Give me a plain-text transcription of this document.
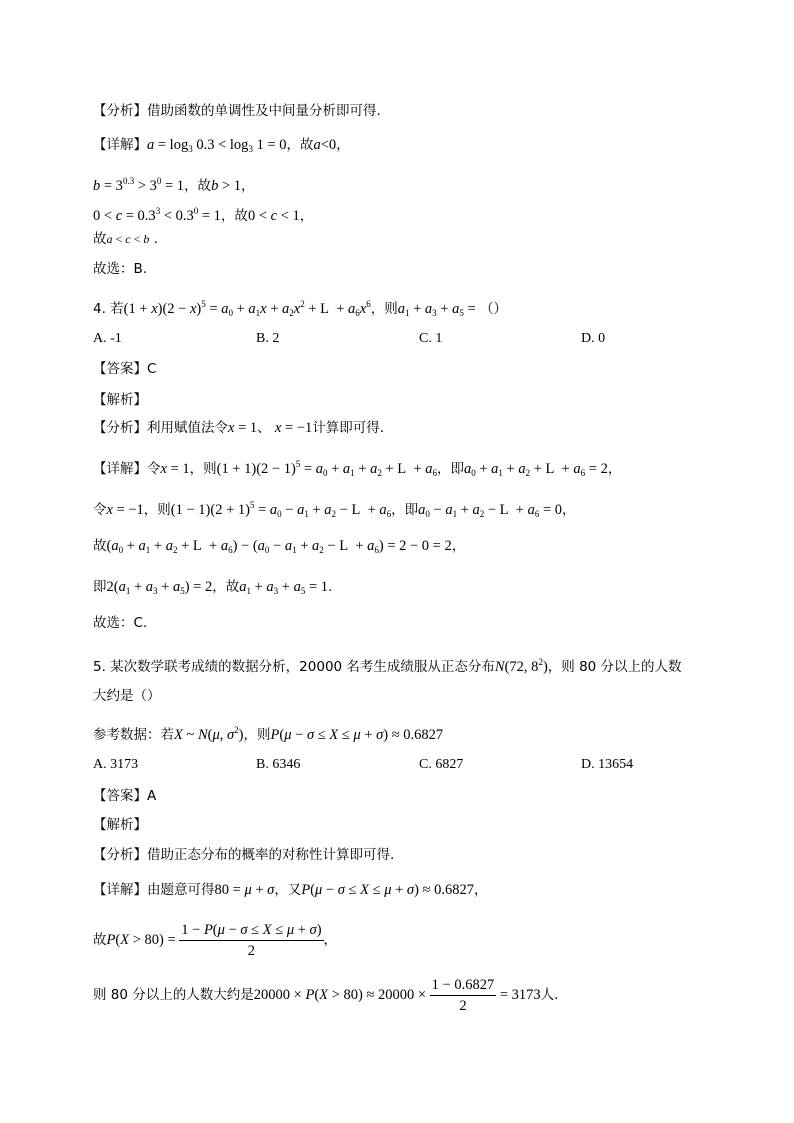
【分析】借助函数的单调性及中间量分析即可得.
【详解】$a = \log_3 0.3 < \log_3 1 = 0$，故a<0，
$b = 3^{0.3} > 3^0 = 1$，故b > 1，
$0 < c = 0.3^3 < 0.3^0 = 1$，故0 < c < 1，
故a < c < b .
故选：B.
4. 若$(1 + x)(2 - x)^5 = a_0 + a_1x + a_2x^2 + L + a_6x^6$，则$a_1 + a_3 + a_5$ = （）
A. -1	B. 2	C. 1	D. 0
【答案】C
【解析】
【分析】利用赋值法令x = 1、 x = −1计算即可得.
【详解】令x = 1，则$(1 + 1)(2 - 1)^5 = a_0 + a_1 + a_2 + L + a_6$，即$a_0 + a_1 + a_2 + L + a_6 = 2$，
令x = −1，则$(1 - 1)(2 + 1)^5 = a_0 - a_1 + a_2 - L + a_6$，即$a_0 - a_1 + a_2 - L + a_6 = 0$，
故$(a_0 + a_1 + a_2 + L + a_6) - (a_0 - a_1 + a_2 - L + a_6) = 2 - 0 = 2$，
即$2(a_1 + a_3 + a_5) = 2$，故$a_1 + a_3 + a_5 = 1$.
故选：C.
5. 某次数学联考成绩的数据分析，20000 名考生成绩服从正态分布N(72, $8^2$)，则 80 分以上的人数
大约是（）
参考数据：若X ~ N(μ, $\sigma^2$)，则P(μ − σ ≤ X ≤ μ + σ) ≈ 0.6827
A. 3173	B. 6346	C. 6827	D. 13654
【答案】A
【解析】
【分析】借助正态分布的概率的对称性计算即可得.
【详解】由题意可得80 = μ + σ，又P(μ − σ ≤ X ≤ μ + σ) ≈ 0.6827，
故$P(X > 80) = \frac{1 - P(\mu - \sigma \le X \le \mu + \sigma)}{2}$ ，
则 80 分以上的人数大约是$20000 \times P(X > 80) \approx 20000 \times \frac{1 - 0.6827}{2} = 3173$人.
